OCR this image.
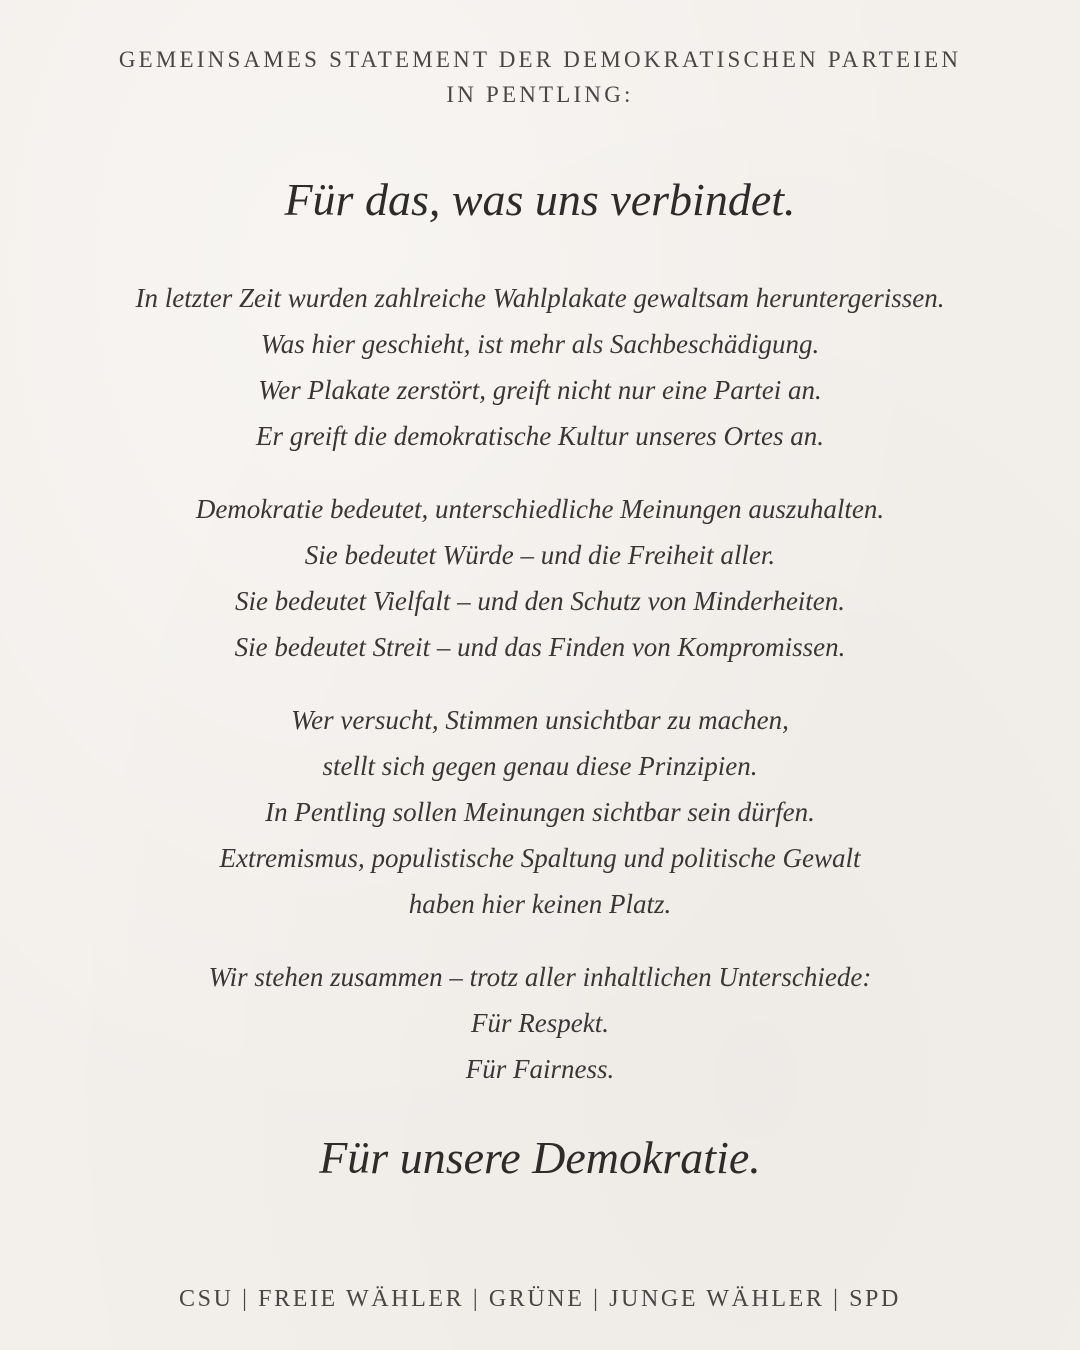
GEMEINSAMES STATEMENT DER DEMOKRATISCHEN PARTEIEN
IN PENTLING:
Für das, was uns verbindet.
In letzter Zeit wurden zahlreiche Wahlplakate gewaltsam heruntergerissen.
Was hier geschieht, ist mehr als Sachbeschädigung.
Wer Plakate zerstört, greift nicht nur eine Partei an.
Er greift die demokratische Kultur unseres Ortes an.
Demokratie bedeutet, unterschiedliche Meinungen auszuhalten.
Sie bedeutet Würde – und die Freiheit aller.
Sie bedeutet Vielfalt – und den Schutz von Minderheiten.
Sie bedeutet Streit – und das Finden von Kompromissen.
Wer versucht, Stimmen unsichtbar zu machen,
stellt sich gegen genau diese Prinzipien.
In Pentling sollen Meinungen sichtbar sein dürfen.
Extremismus, populistische Spaltung und politische Gewalt
haben hier keinen Platz.
Wir stehen zusammen – trotz aller inhaltlichen Unterschiede:
Für Respekt.
Für Fairness.
Für unsere Demokratie.
CSU | FREIE WÄHLER | GRÜNE | JUNGE WÄHLER | SPD
